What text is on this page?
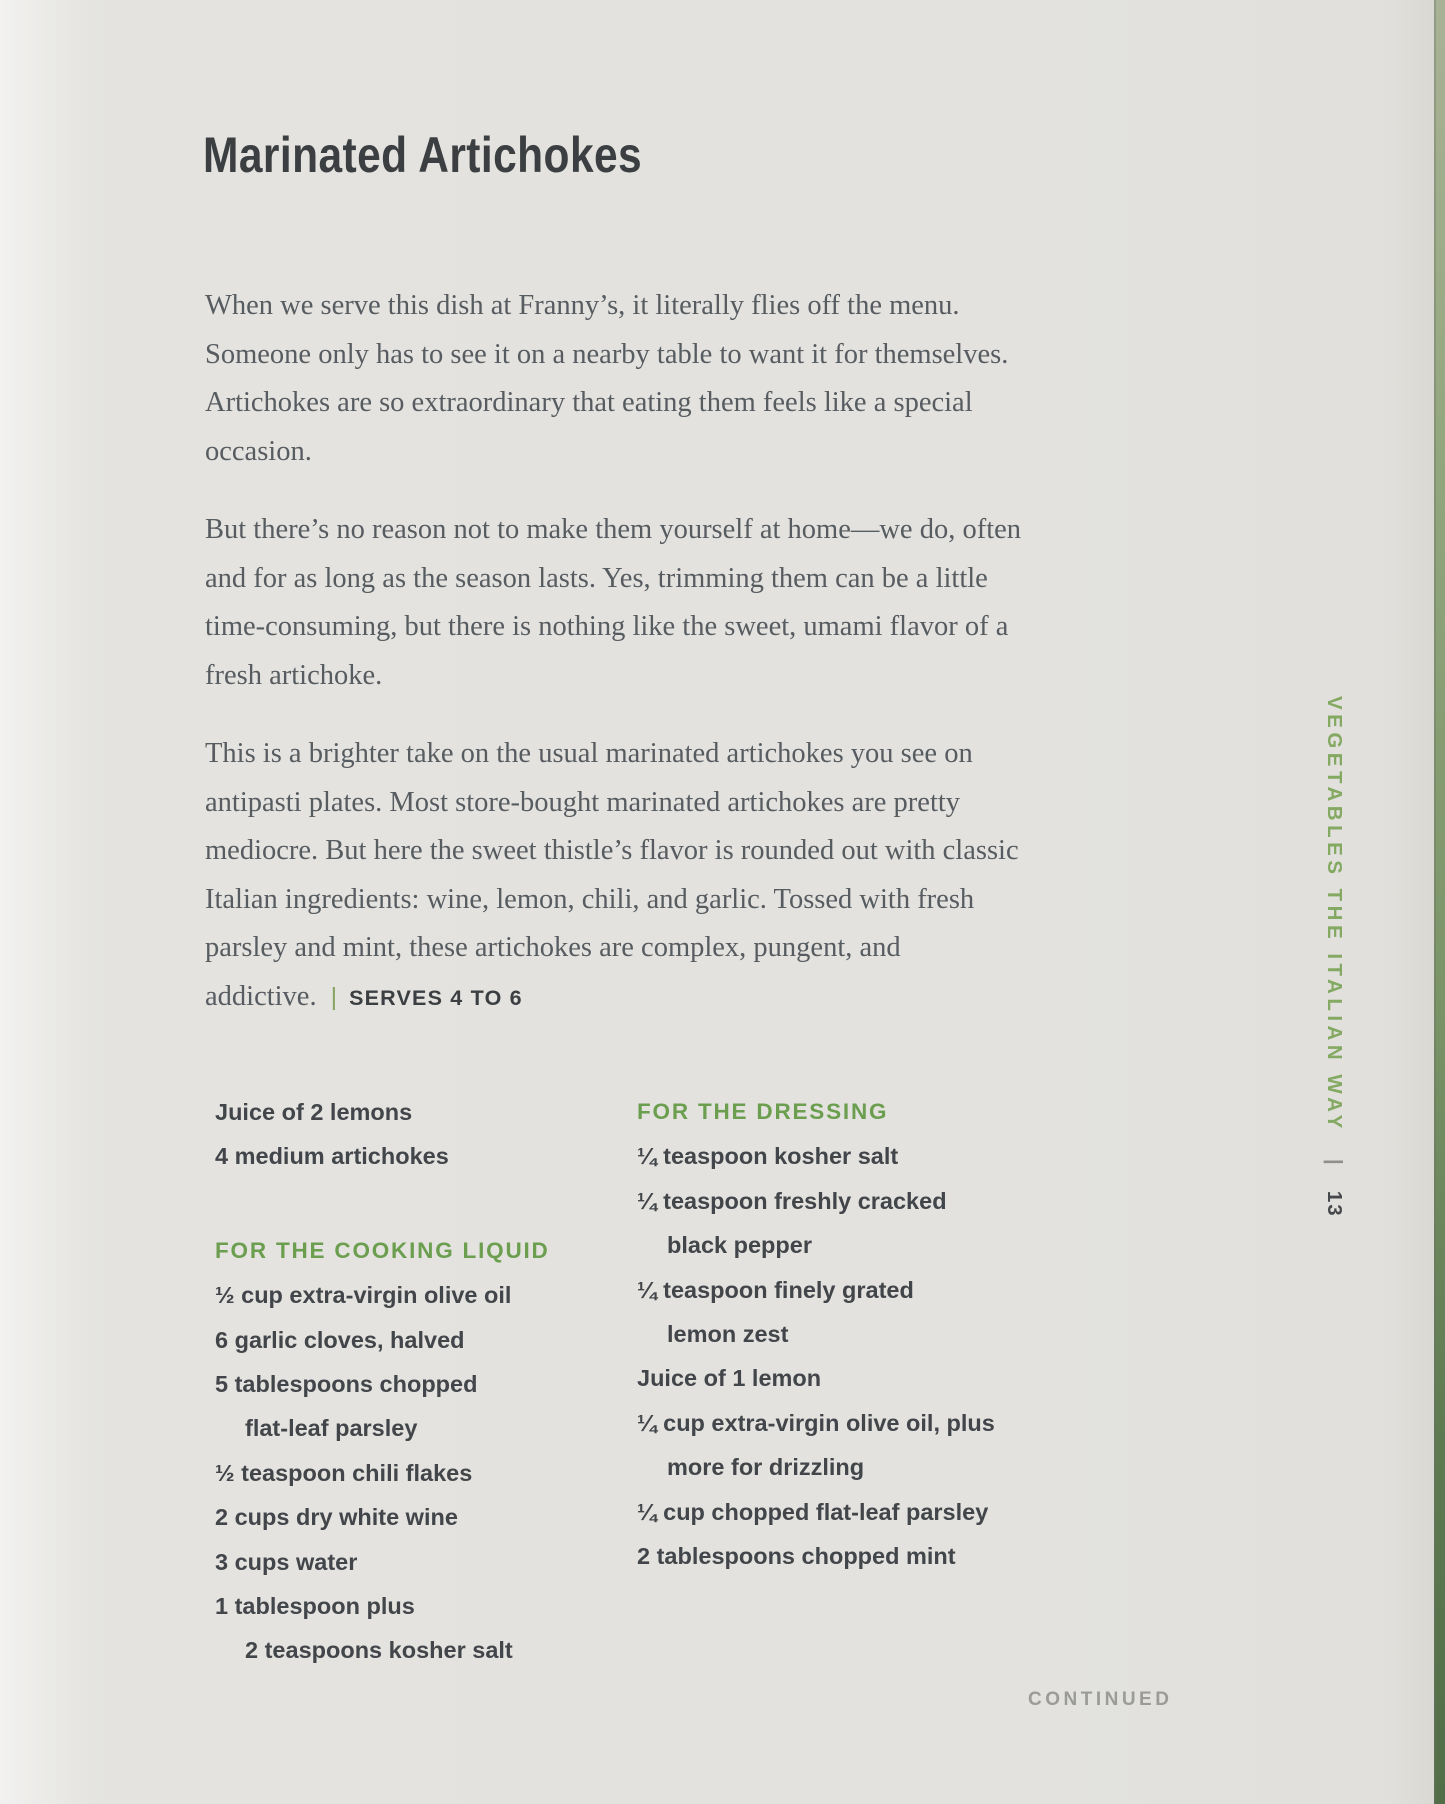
Marinated Artichokes

When we serve this dish at Franny’s, it literally flies off the menu. Someone only has to see it on a nearby table to want it for themselves. Artichokes are so extraordinary that eating them feels like a special occasion.

But there’s no reason not to make them yourself at home—we do, often and for as long as the season lasts. Yes, trimming them can be a little time-consuming, but there is nothing like the sweet, umami flavor of a fresh artichoke.

This is a brighter take on the usual marinated artichokes you see on antipasti plates. Most store-bought marinated artichokes are pretty mediocre. But here the sweet thistle’s flavor is rounded out with classic Italian ingredients: wine, lemon, chili, and garlic. Tossed with fresh parsley and mint, these artichokes are complex, pungent, and addictive. | SERVES 4 TO 6

Juice of 2 lemons
4 medium artichokes
FOR THE COOKING LIQUID
½ cup extra-virgin olive oil
6 garlic cloves, halved
5 tablespoons chopped
flat-leaf parsley
½ teaspoon chili flakes
2 cups dry white wine
3 cups water
1 tablespoon plus
2 teaspoons kosher salt
FOR THE DRESSING
¼ teaspoon kosher salt
¼ teaspoon freshly cracked
black pepper
¼ teaspoon finely grated
lemon zest
Juice of 1 lemon
¼ cup extra-virgin olive oil, plus
more for drizzling
¼ cup chopped flat-leaf parsley
2 tablespoons chopped mint
VEGETABLES THE ITALIAN WAY | 13
CONTINUED
